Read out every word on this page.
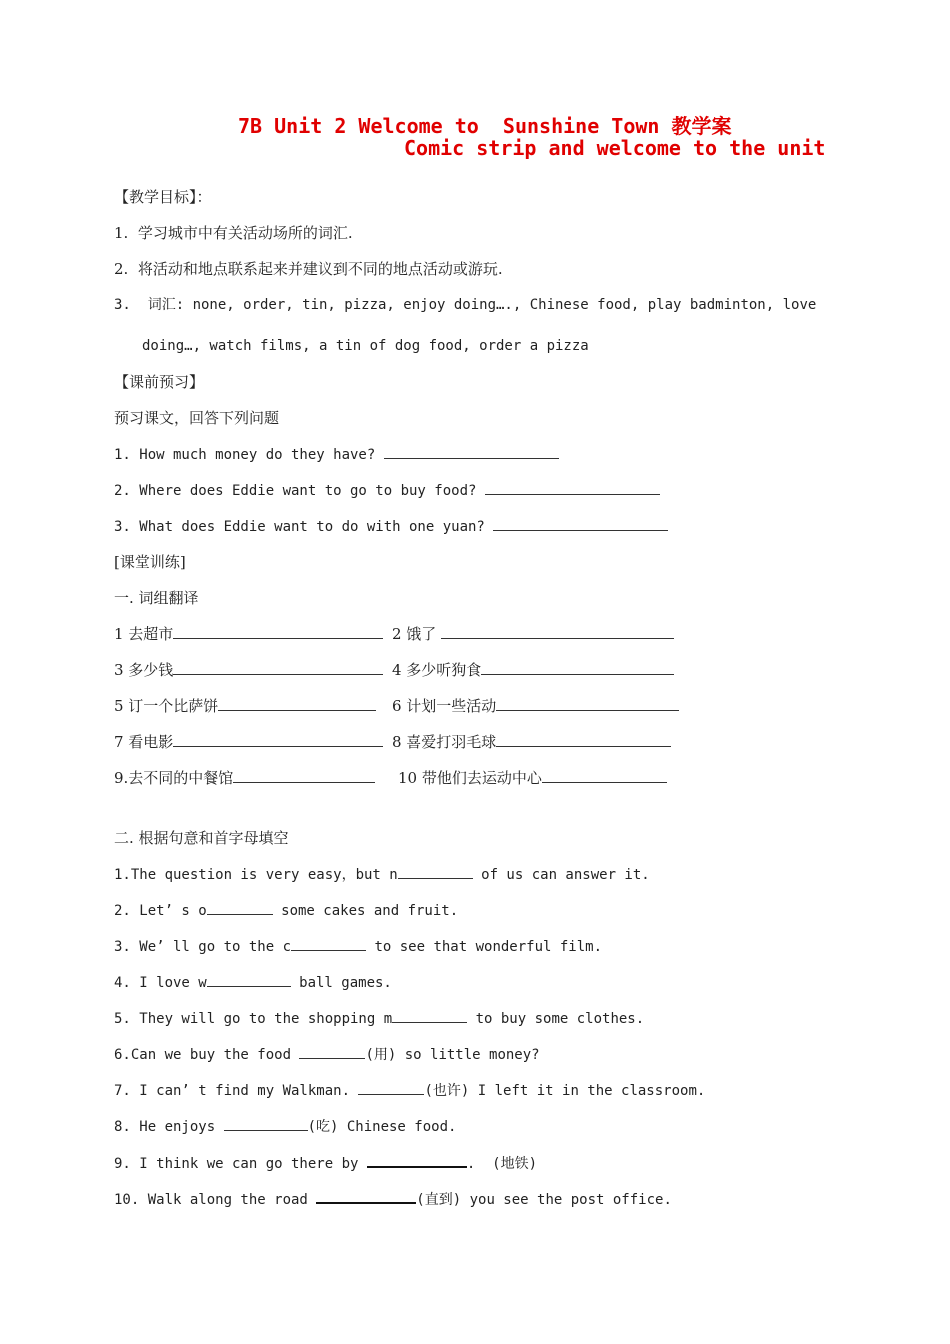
7B Unit 2 Welcome to  Sunshine Town 教学案
Comic strip and welcome to the unit
【教学目标】：
1.  学习城市中有关活动场所的词汇.
2.  将活动和地点联系起来并建议到不同的地点活动或游玩.
3.  词汇: none, order, tin, pizza, enjoy doing…., Chinese food, play badminton, love
doing…, watch films, a tin of dog food, order a pizza
【课前预习】
预习课文，回答下列问题
1. How much money do they have?
2. Where does Eddie want to go to buy food?
3. What does Eddie want to do with one yuan?
[课堂训练]
一. 词组翻译
1 去超市	2 饿了
3 多少钱	4 多少听狗食
5 订一个比萨饼	6 计划一些活动
7 看电影	8 喜爱打羽毛球
9.去不同的中餐馆	10 带他们去运动中心
二. 根据句意和首字母填空
1.The question is very easy，but n	of us can answer it.
2. Let’ s o	some cakes and fruit.
3. We’ ll go to the c	to see that wonderful film.
4. I love w	ball games.
5. They will go to the shopping m	to buy some clothes.
6.Can we buy the food	(用) so little money?
7. I can’ t find my Walkman.	(也许) I left it in the classroom.
8. He enjoys	(吃) Chinese food.
9. I think we can go there by	.  (地铁)
10. Walk along the road	(直到) you see the post office.
